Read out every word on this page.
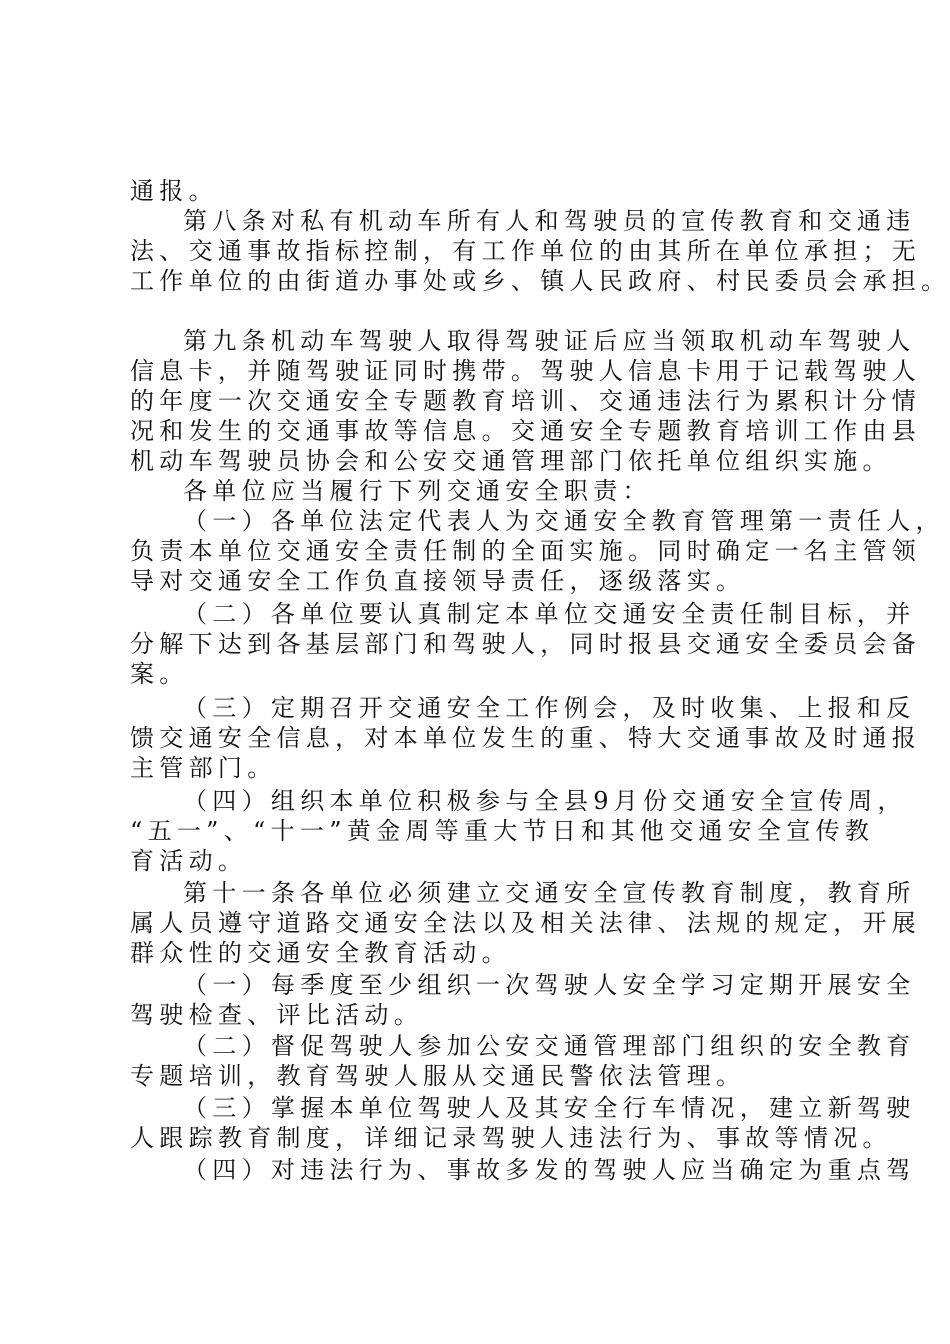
通报。
第八条对私有机动车所有人和驾驶员的宣传教育和交通违
法、交通事故指标控制，有工作单位的由其所在单位承担；无
工作单位的由街道办事处或乡、镇人民政府、村民委员会承担。
第九条机动车驾驶人取得驾驶证后应当领取机动车驾驶人
信息卡，并随驾驶证同时携带。驾驶人信息卡用于记载驾驶人
的年度一次交通安全专题教育培训、交通违法行为累积计分情
况和发生的交通事故等信息。交通安全专题教育培训工作由县
机动车驾驶员协会和公安交通管理部门依托单位组织实施。
各单位应当履行下列交通安全职责：
（一）各单位法定代表人为交通安全教育管理第一责任人，
负责本单位交通安全责任制的全面实施。同时确定一名主管领
导对交通安全工作负直接领导责任，逐级落实。
（二）各单位要认真制定本单位交通安全责任制目标，并
分解下达到各基层部门和驾驶人，同时报县交通安全委员会备
案。
（三）定期召开交通安全工作例会，及时收集、上报和反
馈交通安全信息，对本单位发生的重、特大交通事故及时通报
主管部门。
（四）组织本单位积极参与全县9月份交通安全宣传周，
“五一”、“十一”黄金周等重大节日和其他交通安全宣传教
育活动。
第十一条各单位必须建立交通安全宣传教育制度，教育所
属人员遵守道路交通安全法以及相关法律、法规的规定，开展
群众性的交通安全教育活动。
（一）每季度至少组织一次驾驶人安全学习定期开展安全
驾驶检查、评比活动。
（二）督促驾驶人参加公安交通管理部门组织的安全教育
专题培训，教育驾驶人服从交通民警依法管理。
（三）掌握本单位驾驶人及其安全行车情况，建立新驾驶
人跟踪教育制度，详细记录驾驶人违法行为、事故等情况。
（四）对违法行为、事故多发的驾驶人应当确定为重点驾
